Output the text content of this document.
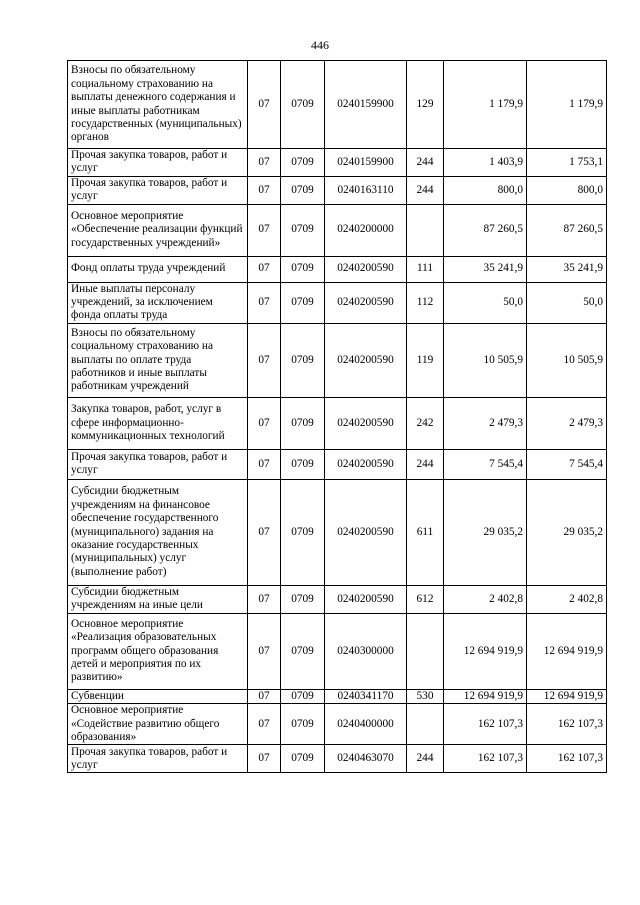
446
Взносы по обязательному социальному страхованию на выплаты денежного содержания и иные выплаты работникам государственных (муниципальных) органов	07	0709	0240159900	129	1 179,9	1 179,9
Прочая закупка товаров, работ и услуг	07	0709	0240159900	244	1 403,9	1 753,1
Прочая закупка товаров, работ и услуг	07	0709	0240163110	244	800,0	800,0
Основное мероприятие «Обеспечение реализации функций государственных учреждений»	07	0709	0240200000		87 260,5	87 260,5
Фонд оплаты труда учреждений	07	0709	0240200590	111	35 241,9	35 241,9
Иные выплаты персоналу учреждений, за исключением фонда оплаты труда	07	0709	0240200590	112	50,0	50,0
Взносы по обязательному социальному страхованию на выплаты по оплате труда работников и иные выплаты работникам учреждений	07	0709	0240200590	119	10 505,9	10 505,9
Закупка товаров, работ, услуг в сфере информационно-коммуникационных технологий	07	0709	0240200590	242	2 479,3	2 479,3
Прочая закупка товаров, работ и услуг	07	0709	0240200590	244	7 545,4	7 545,4
Субсидии бюджетным учреждениям на финансовое обеспечение государственного (муниципального) задания на оказание государственных (муниципальных) услуг (выполнение работ)	07	0709	0240200590	611	29 035,2	29 035,2
Субсидии бюджетным учреждениям на иные цели	07	0709	0240200590	612	2 402,8	2 402,8
Основное мероприятие «Реализация образовательных программ общего образования детей и мероприятия по их развитию»	07	0709	0240300000		12 694 919,9	12 694 919,9
Субвенции	07	0709	0240341170	530	12 694 919,9	12 694 919,9
Основное мероприятие «Содействие развитию общего образования»	07	0709	0240400000		162 107,3	162 107,3
Прочая закупка товаров, работ и услуг	07	0709	0240463070	244	162 107,3	162 107,3
